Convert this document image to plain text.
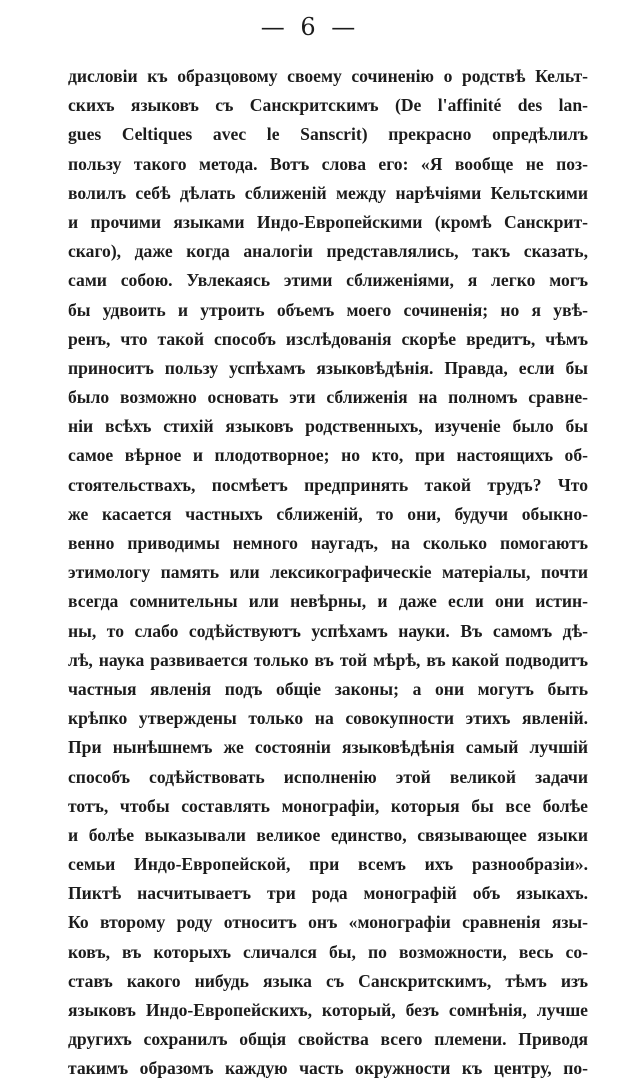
— 6 —
дисловіи къ образцовому своему сочиненію о родствѣ Кельт-
скихъ языковъ съ Санскритскимъ (De l'affinité des lan-
gues Celtiques avec le Sanscrit) прекрасно опредѣлилъ
пользу такого метода. Вотъ слова его: «Я вообще не поз-
волилъ себѣ дѣлать сближеній между нарѣчіями Кельтскими
и прочими языками Индо-Европейскими (кромѣ Санскрит-
скаго), даже когда аналогіи представлялись, такъ сказать,
сами собою. Увлекаясь этими сближеніями, я легко могъ
бы удвоить и утроить объемъ моего сочиненія; но я увѣ-
ренъ, что такой способъ изслѣдованія скорѣе вредитъ, чѣмъ
приноситъ пользу успѣхамъ языковѣдѣнія. Правда, если бы
было возможно основать эти сближенія на полномъ сравне-
ніи всѣхъ стихій языковъ родственныхъ, изученіе было бы
самое вѣрное и плодотворное; но кто, при настоящихъ об-
стоятельствахъ, посмѣетъ предпринять такой трудъ? Что
же касается частныхъ сближеній, то они, будучи обыкно-
венно приводимы немного наугадъ, на сколько помогаютъ
этимологу память или лексикографическіе матеріалы, почти
всегда сомнительны или невѣрны, и даже если они истин-
ны, то слабо содѣйствуютъ успѣхамъ науки. Въ самомъ дѣ-
лѣ, наука развивается только въ той мѣрѣ, въ какой подводитъ
частныя явленія подъ общіе законы; а они могутъ быть
крѣпко утверждены только на совокупности этихъ явленій.
При нынѣшнемъ же состояніи языковѣдѣнія самый лучшій
способъ содѣйствовать исполненію этой великой задачи
тотъ, чтобы составлять монографіи, которыя бы все болѣе
и болѣе выказывали великое единство, связывающее языки
семьи Индо-Европейской, при всемъ ихъ разнообразіи».
Пиктѣ насчитываетъ три рода монографій объ языкахъ.
Ко второму роду относитъ онъ «монографіи сравненія язы-
ковъ, въ которыхъ сличался бы, по возможности, весь со-
ставъ какого нибудь языка съ Санскритскимъ, тѣмъ изъ
языковъ Индо-Европейскихъ, который, безъ сомнѣнія, лучше
другихъ сохранилъ общія свойства всего племени. Приводя
такимъ образомъ каждую часть окружности къ центру, по-
